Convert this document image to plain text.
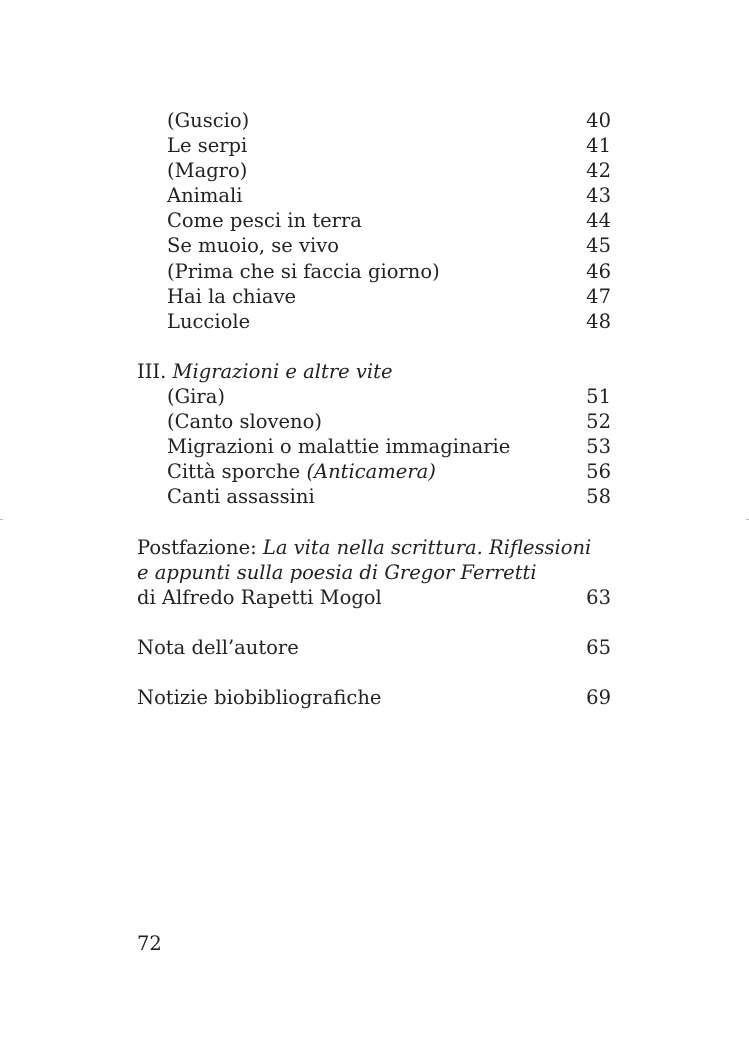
(Guscio)	40
Le serpi	41
(Magro)	42
Animali	43
Come pesci in terra	44
Se muoio, se vivo	45
(Prima che si faccia giorno)	46
Hai la chiave	47
Lucciole	48
III. Migrazioni e altre vite
(Gira)	51
(Canto sloveno)	52
Migrazioni o malattie immaginarie	53
Città sporche (Anticamera)	56
Canti assassini	58
Postfazione: La vita nella scrittura. Riflessioni
e appunti sulla poesia di Gregor Ferretti
di Alfredo Rapetti Mogol	63
Nota dell’autore	65
Notizie biobibliografiche	69
72
